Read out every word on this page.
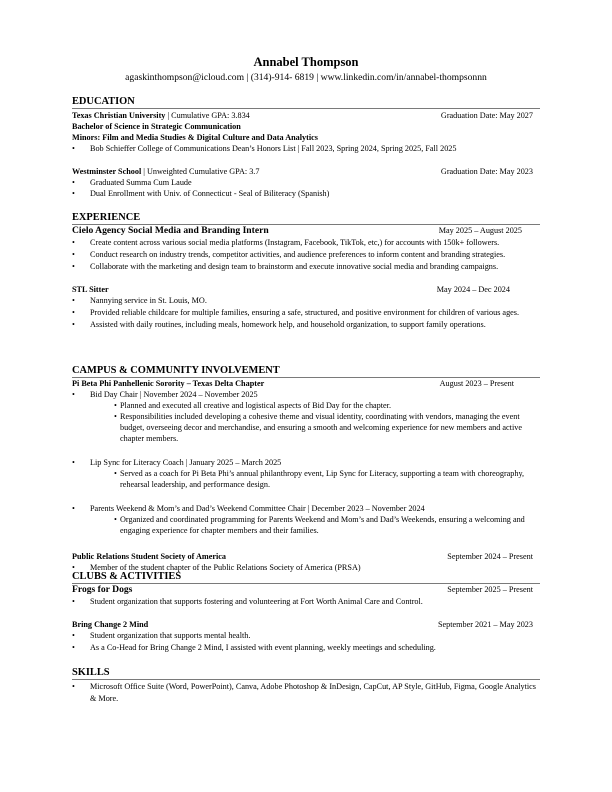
Annabel Thompson
agaskinthompson@icloud.com | (314)-914- 6819 | www.linkedin.com/in/annabel-thompsonnn
EDUCATION
Texas Christian University | Cumulative GPA: 3.834	Graduation Date: May 2027
Bachelor of Science in Strategic Communication
Minors: Film and Media Studies & Digital Culture and Data Analytics
• Bob Schieffer College of Communications Dean’s Honors List | Fall 2023, Spring 2024, Spring 2025, Fall 2025
Westminster School | Unweighted Cumulative GPA: 3.7	Graduation Date: May 2023
• Graduated Summa Cum Laude
• Dual Enrollment with Univ. of Connecticut - Seal of Biliteracy (Spanish)
EXPERIENCE
Cielo Agency Social Media and Branding Intern	May 2025 – August 2025
• Create content across various social media platforms (Instagram, Facebook, TikTok, etc,) for accounts with 150k+ followers.
• Conduct research on industry trends, competitor activities, and audience preferences to inform content and branding strategies.
• Collaborate with the marketing and design team to brainstorm and execute innovative social media and branding campaigns.
STL Sitter	May 2024 – Dec 2024
• Nannying service in St. Louis, MO.
• Provided reliable childcare for multiple families, ensuring a safe, structured, and positive environment for children of various ages.
• Assisted with daily routines, including meals, homework help, and household organization, to support family operations.
CAMPUS & COMMUNITY INVOLVEMENT
Pi Beta Phi Panhellenic Sorority – Texas Delta Chapter	August 2023 – Present
• Bid Day Chair | November 2024 – November 2025
• Planned and executed all creative and logistical aspects of Bid Day for the chapter.
• Responsibilities included developing a cohesive theme and visual identity, coordinating with vendors, managing the event budget, overseeing decor and merchandise, and ensuring a smooth and welcoming experience for new members and active chapter members.
• Lip Sync for Literacy Coach | January 2025 – March 2025
• Served as a coach for Pi Beta Phi’s annual philanthropy event, Lip Sync for Literacy, supporting a team with choreography, rehearsal leadership, and performance design.
• Parents Weekend & Mom’s and Dad’s Weekend Committee Chair | December 2023 – November 2024
• Organized and coordinated programming for Parents Weekend and Mom’s and Dad’s Weekends, ensuring a welcoming and engaging experience for chapter members and their families.
Public Relations Student Society of America	September 2024 – Present
• Member of the student chapter of the Public Relations Society of America (PRSA)
CLUBS & ACTIVITIES
Frogs for Dogs	September 2025 – Present
• Student organization that supports fostering and volunteering at Fort Worth Animal Care and Control.
Bring Change 2 Mind	September 2021 – May 2023
• Student organization that supports mental health.
• As a Co-Head for Bring Change 2 Mind, I assisted with event planning, weekly meetings and scheduling.
SKILLS
• Microsoft Office Suite (Word, PowerPoint), Canva, Adobe Photoshop & InDesign, CapCut, AP Style, GitHub, Figma, Google Analytics & More.
